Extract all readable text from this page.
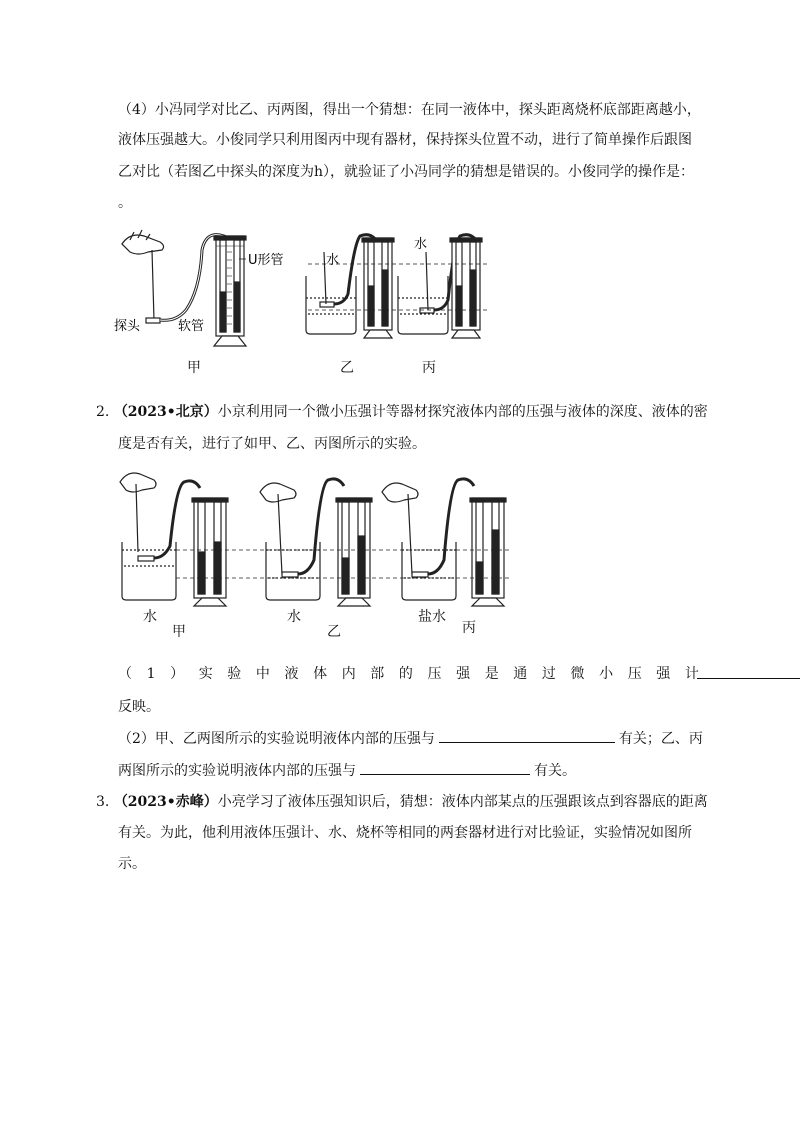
（4）小冯同学对比乙、丙两图，得出一个猜想：在同一液体中，探头距离烧杯底部距离越小，
液体压强越大。小俊同学只利用图丙中现有器材，保持探头位置不动，进行了简单操作后跟图
乙对比（若图乙中探头的深度为h），就验证了小冯同学的猜想是错误的。小俊同学的操作是：
。
U形管
探头	软管
水
水
甲	乙	丙
2. （2023•北京）小京利用同一个微小压强计等器材探究液体内部的压强与液体的深度、液体的密
度是否有关，进行了如甲、乙、丙图所示的实验。
水
甲
水
乙
盐水
丙
（1）实验中液体内部的压强是通过微小压强计
反映。
（2）甲、乙两图所示的实验说明液体内部的压强与	有关；乙、丙
两图所示的实验说明液体内部的压强与	有关。
3. （2023•赤峰）小亮学习了液体压强知识后，猜想：液体内部某点的压强跟该点到容器底的距离
有关。为此，他利用液体压强计、水、烧杯等相同的两套器材进行对比验证，实验情况如图所
示。
